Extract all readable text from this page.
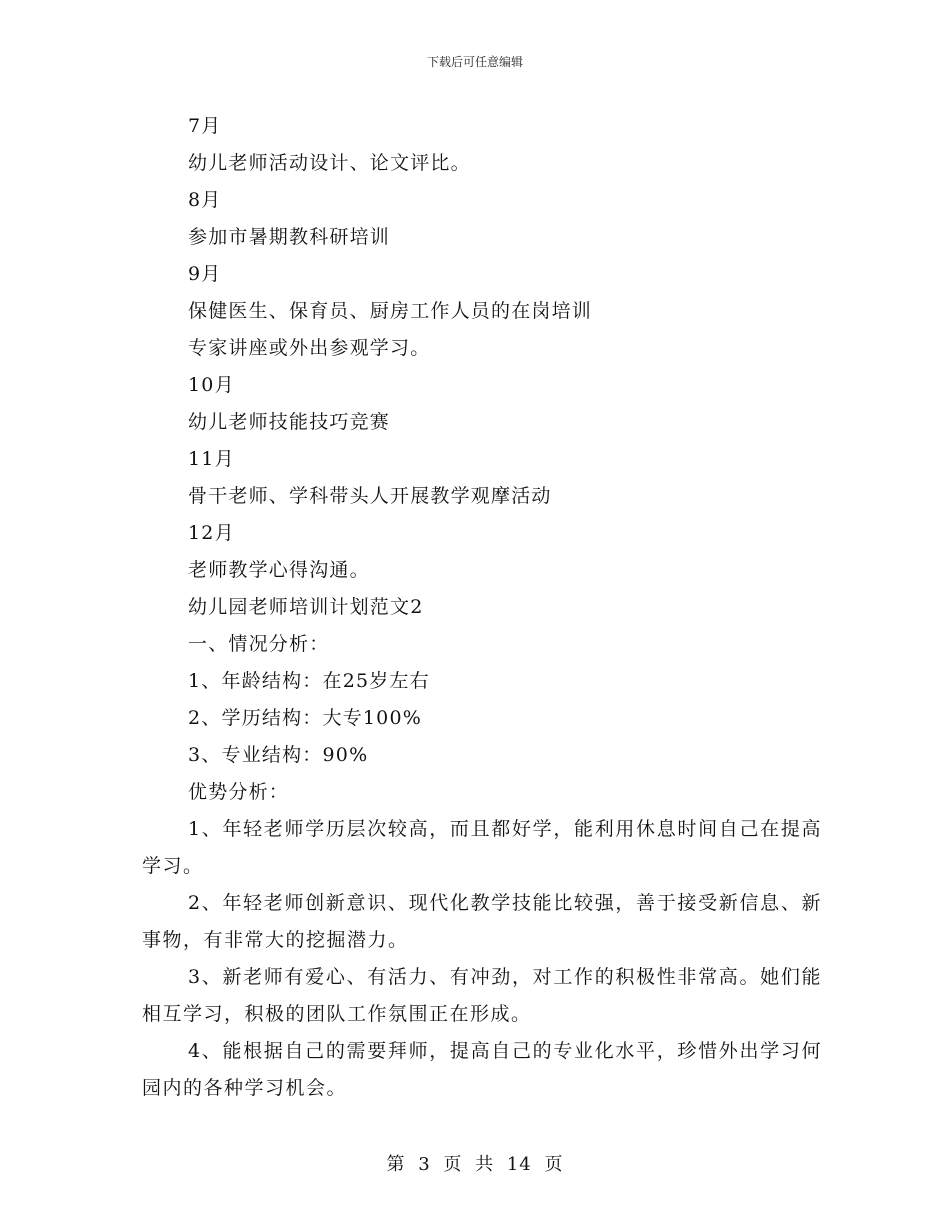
下载后可任意编辑
7月
幼儿老师活动设计、论文评比。
8月
参加市暑期教科研培训
9月
保健医生、保育员、厨房工作人员的在岗培训
专家讲座或外出参观学习。
10月
幼儿老师技能技巧竞赛
11月
骨干老师、学科带头人开展教学观摩活动
12月
老师教学心得沟通。
幼儿园老师培训计划范文2
一、情况分析：
1、年龄结构：在25岁左右
2、学历结构：大专100%
3、专业结构：90%
优势分析：

1、年轻老师学历层次较高，而且都好学，能利用休息时间自己在提高学习。

2、年轻老师创新意识、现代化教学技能比较强，善于接受新信息、新事物，有非常大的挖掘潜力。

3、新老师有爱心、有活力、有冲劲，对工作的积极性非常高。她们能相互学习，积极的团队工作氛围正在形成。

4、能根据自己的需要拜师，提高自己的专业化水平，珍惜外出学习何园内的各种学习机会。

第 3 页 共 14 页
